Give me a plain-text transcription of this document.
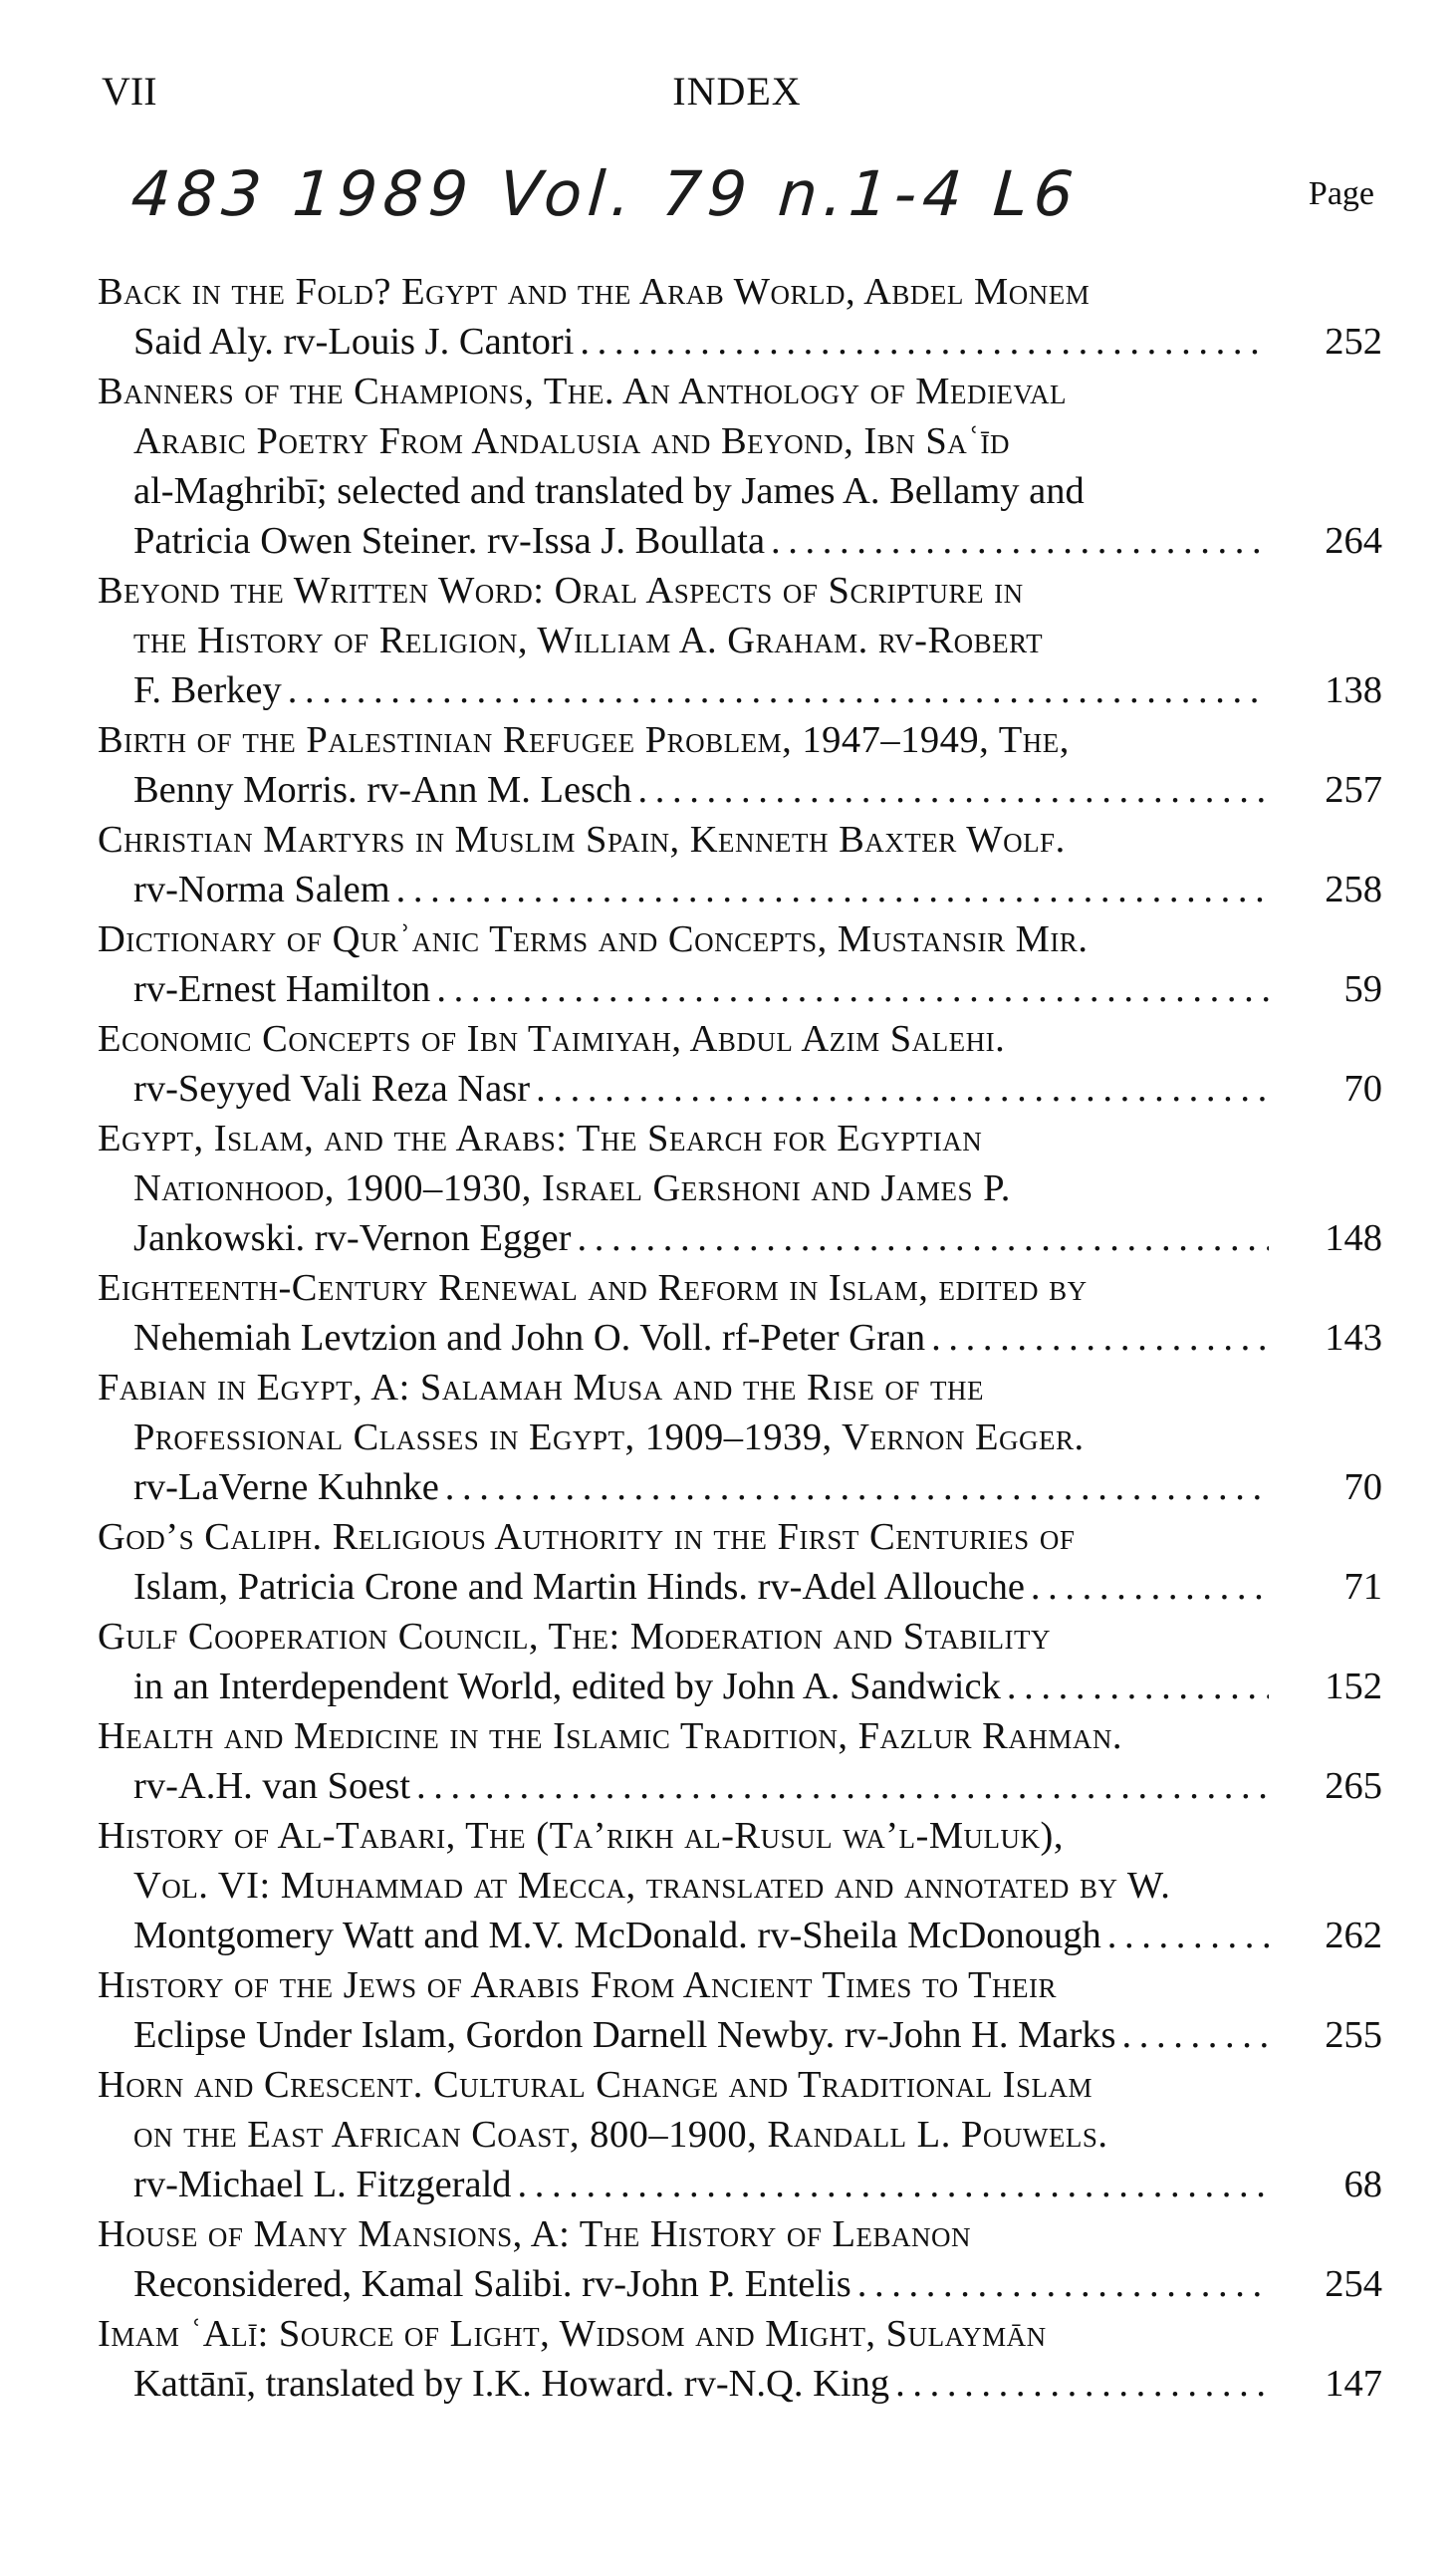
VII	INDEX
483 1989 Vol. 79 n.1-4 L6	Page
Back in the Fold? Egypt and the Arab World, Abdel Monem
Said Aly. rv-Louis J. Cantori . . .	252
Banners of the Champions, The. An Anthology of Medieval
Arabic Poetry From Andalusia and Beyond, Ibn Saʿīd
al-Maghribī; selected and translated by James A. Bellamy and
Patricia Owen Steiner. rv-Issa J. Boullata . . .	264
Beyond the Written Word: Oral Aspects of Scripture in
the History of Religion, William A. Graham. rv-Robert
F. Berkey . . .	138
Birth of the Palestinian Refugee Problem, 1947–1949, The,
Benny Morris. rv-Ann M. Lesch . . .	257
Christian Martyrs in Muslim Spain, Kenneth Baxter Wolf.
rv-Norma Salem . . .	258
Dictionary of Qurʾanic Terms and Concepts, Mustansir Mir.
rv-Ernest Hamilton . . .	59
Economic Concepts of Ibn Taimiyah, Abdul Azim Salehi.
rv-Seyyed Vali Reza Nasr . . .	70
Egypt, Islam, and the Arabs: The Search for Egyptian
Nationhood, 1900–1930, Israel Gershoni and James P.
Jankowski. rv-Vernon Egger . . .	148
Eighteenth-Century Renewal and Reform in Islam, edited by
Nehemiah Levtzion and John O. Voll. rf-Peter Gran . . .	143
Fabian in Egypt, A: Salamah Musa and the Rise of the
Professional Classes in Egypt, 1909–1939, Vernon Egger.
rv-LaVerne Kuhnke . . .	70
God’s Caliph. Religious Authority in the First Centuries of
Islam, Patricia Crone and Martin Hinds. rv-Adel Allouche . . .	71
Gulf Cooperation Council, The: Moderation and Stability
in an Interdependent World, edited by John A. Sandwick . . .	152
Health and Medicine in the Islamic Tradition, Fazlur Rahman.
rv-A.H. van Soest . . .	265
History of Al-Tabari, The (Ta’rikh al-Rusul wa’l-Muluk),
Vol. VI: Muhammad at Mecca, translated and annotated by W.
Montgomery Watt and M.V. McDonald. rv-Sheila McDonough . . .	262
History of the Jews of Arabis From Ancient Times to Their
Eclipse Under Islam, Gordon Darnell Newby. rv-John H. Marks . . .	255
Horn and Crescent. Cultural Change and Traditional Islam
on the East African Coast, 800–1900, Randall L. Pouwels.
rv-Michael L. Fitzgerald . . .	68
House of Many Mansions, A: The History of Lebanon
Reconsidered, Kamal Salibi. rv-John P. Entelis . . .	254
Imam ʿAlī: Source of Light, Widsom and Might, Sulaymān
Kattānī, translated by I.K. Howard. rv-N.Q. King . . .	147
